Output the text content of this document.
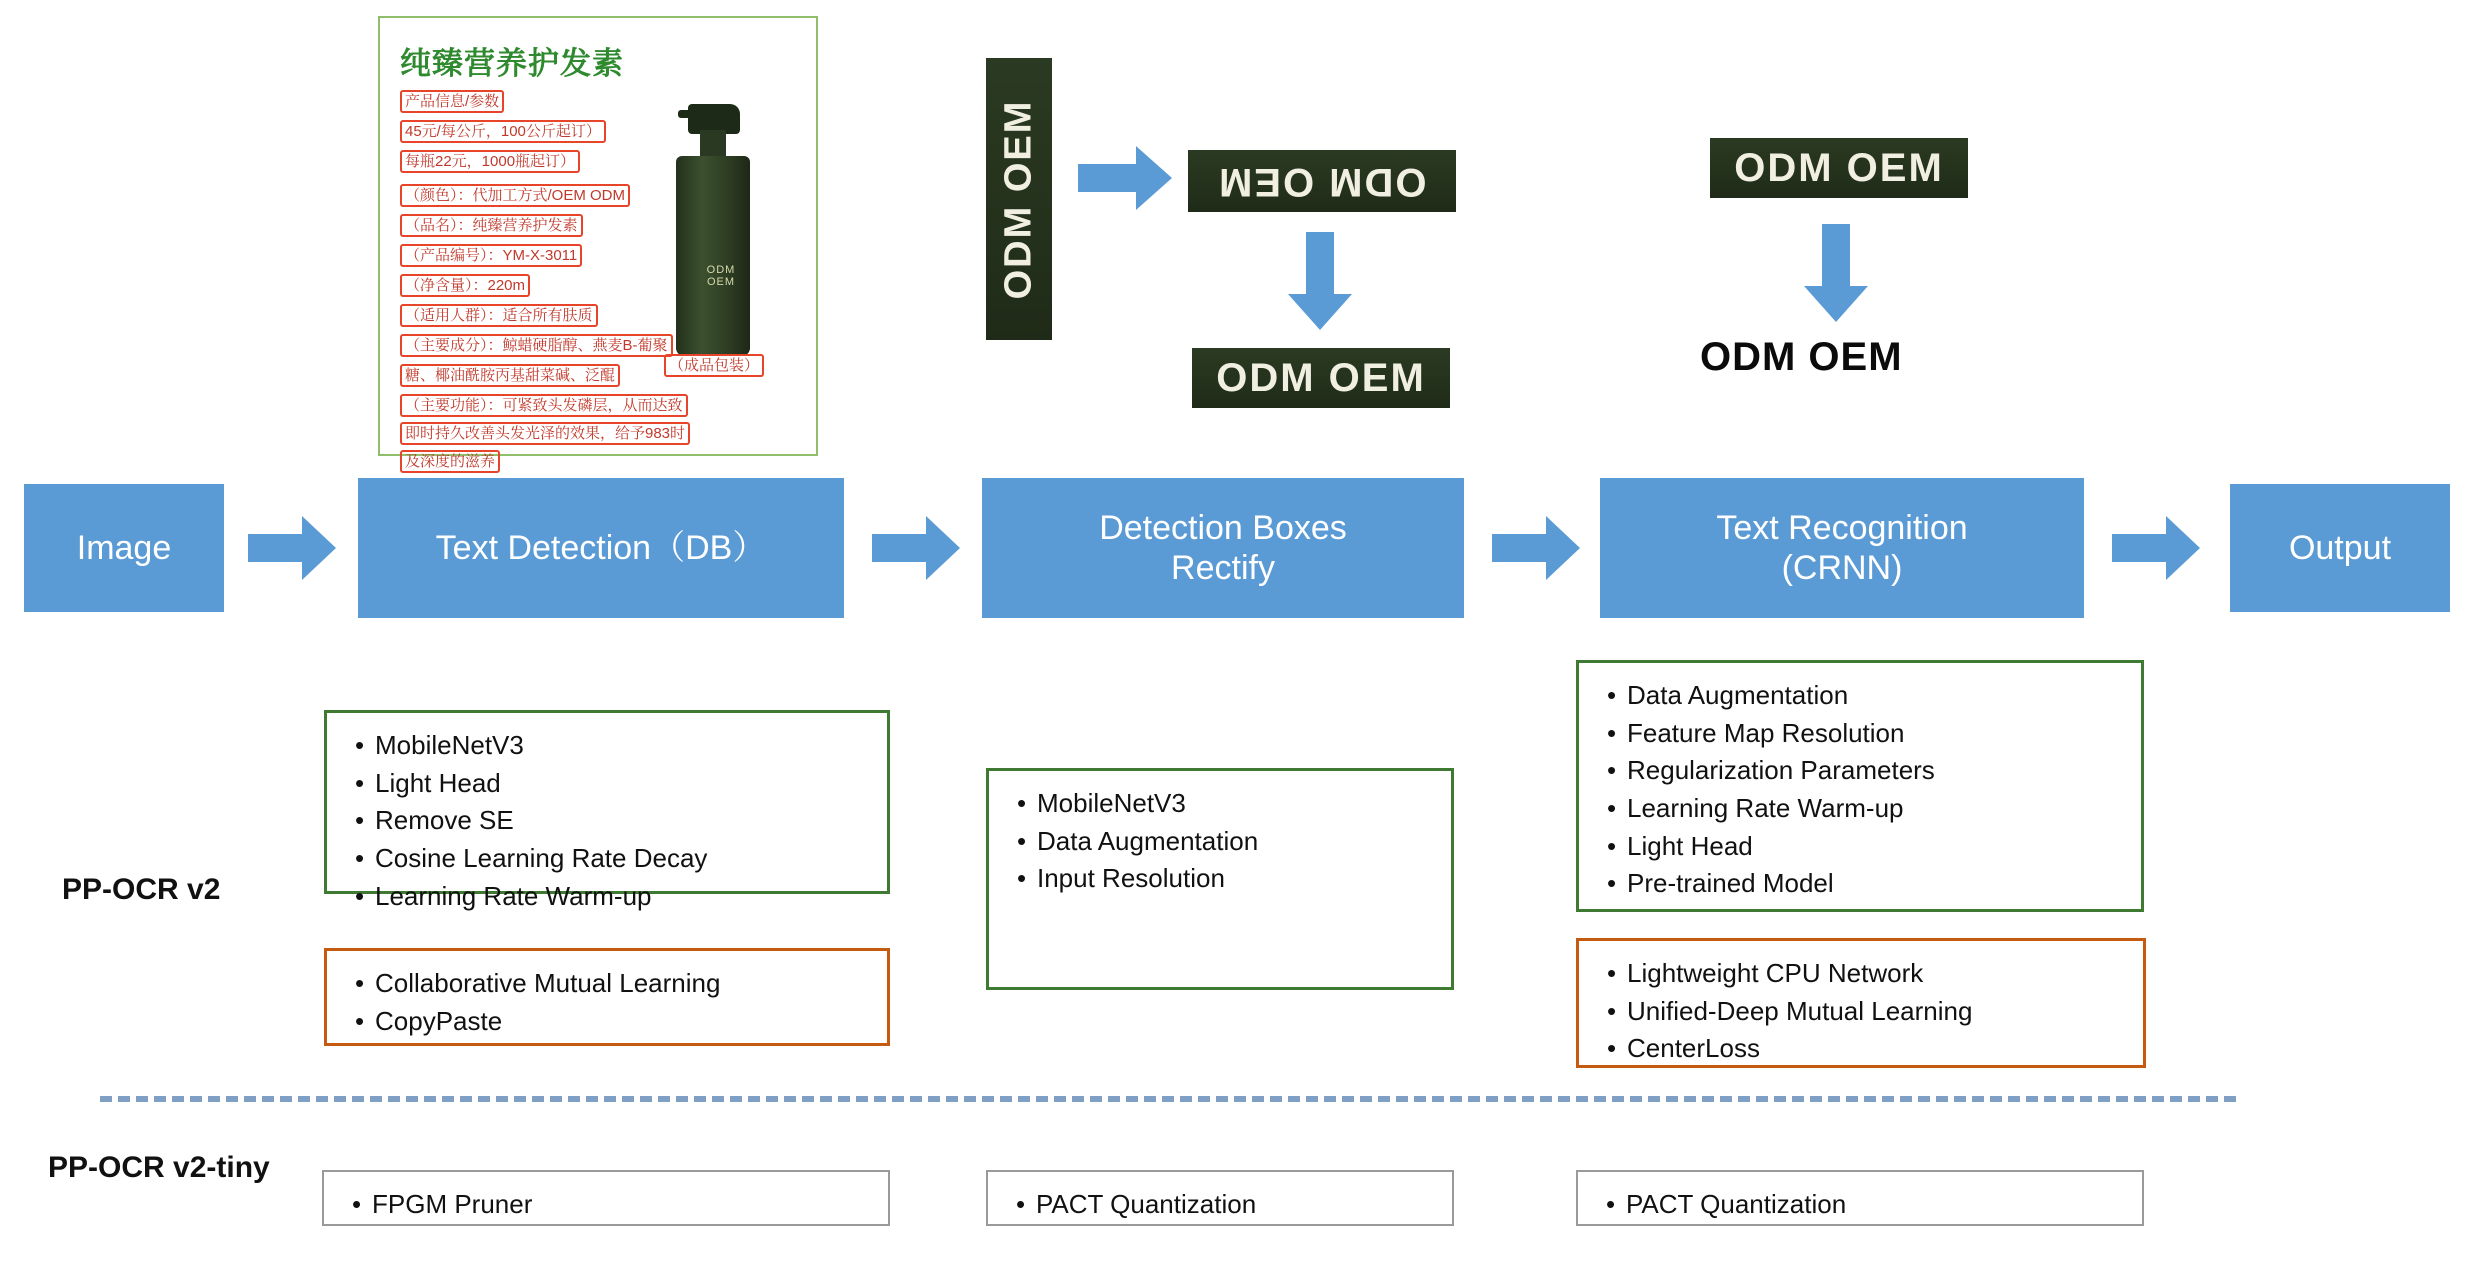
纯臻营养护发素
ODM OEM
产品信息/参数
45元/每公斤，100公斤起订）
每瓶22元，1000瓶起订）
（颜色）：代加工方式/OEM ODM
（品名）：纯臻营养护发素
（产品编号）：YM-X-3011
（净含量）：220m
（适用人群）：适合所有肤质
（主要成分）：鲸蜡硬脂醇、燕麦B-葡聚
糖、椰油酰胺丙基甜菜碱、泛醌
（成品包装）
（主要功能）：可紧致头发磷层，从而达致
即时持久改善头发光泽的效果，给予983时
及深度的滋养
ODM OEM	ODM OEM
ODM OEM
ODM OEM
ODM OEM
Image	Text Detection（DB）
Detection Boxes
Rectify
Text Recognition
(CRNN)
Output
PP-OCR v2
PP-OCR v2-tiny
• MobileNetV3
• Light Head
• Remove SE
• Cosine Learning Rate Decay
• Learning Rate Warm-up
• Collaborative Mutual Learning
• CopyPaste
• MobileNetV3
• Data Augmentation
• Input Resolution
• Data Augmentation
• Feature Map Resolution
• Regularization Parameters
• Learning Rate Warm-up
• Light Head
• Pre-trained Model
• Lightweight CPU Network
• Unified-Deep Mutual Learning
• CenterLoss
• FPGM Pruner	• PACT Quantization	• PACT Quantization
